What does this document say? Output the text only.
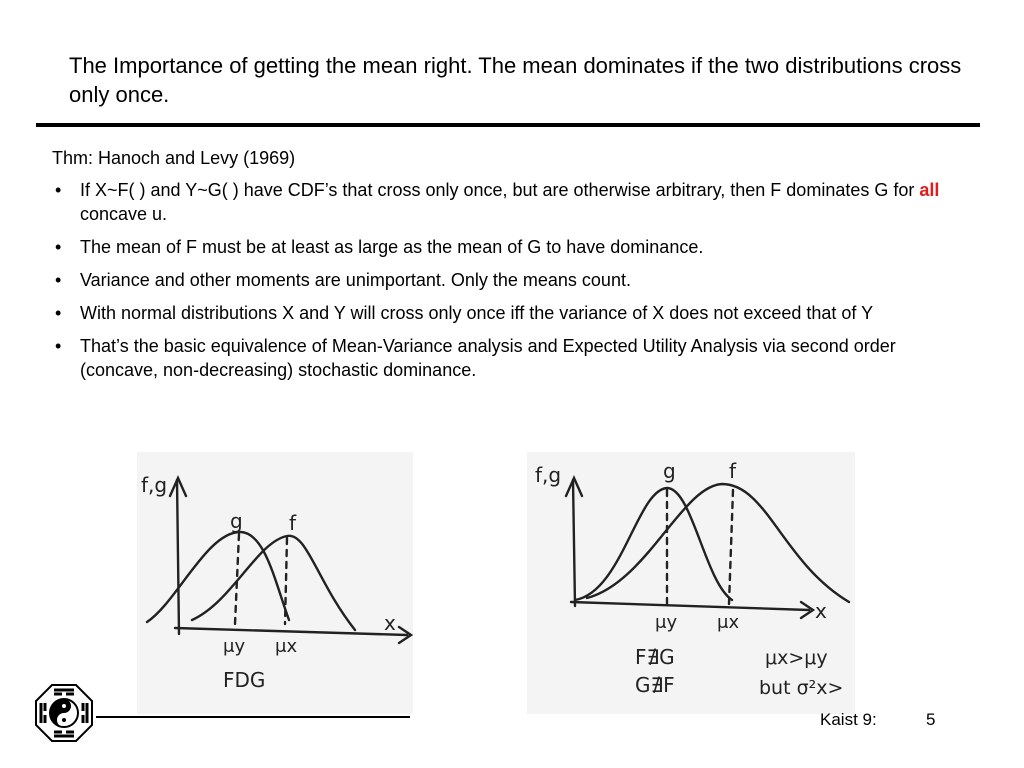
The Importance of getting the mean right. The mean dominates if the two distributions cross only once.
Thm: Hanoch and Levy (1969)
• If X~F( ) and Y~G( ) have CDF’s that cross only once, but are otherwise arbitrary, then F dominates G for all concave u.
• The mean of F must be at least as large as the mean of G to have dominance.
• Variance and other moments are unimportant. Only the means count.
• With normal distributions X and Y will cross only once iff the variance of X does not exceed that of Y
• That’s the basic equivalence of Mean-Variance analysis and Expected Utility Analysis via second order (concave, non-decreasing) stochastic dominance.
f,g
x
g f
μy μx
FDG
f,g
x
g	f
μy μx
F∄G
G∄F
μx>μy
but σ²x>
Kaist 9:	5
